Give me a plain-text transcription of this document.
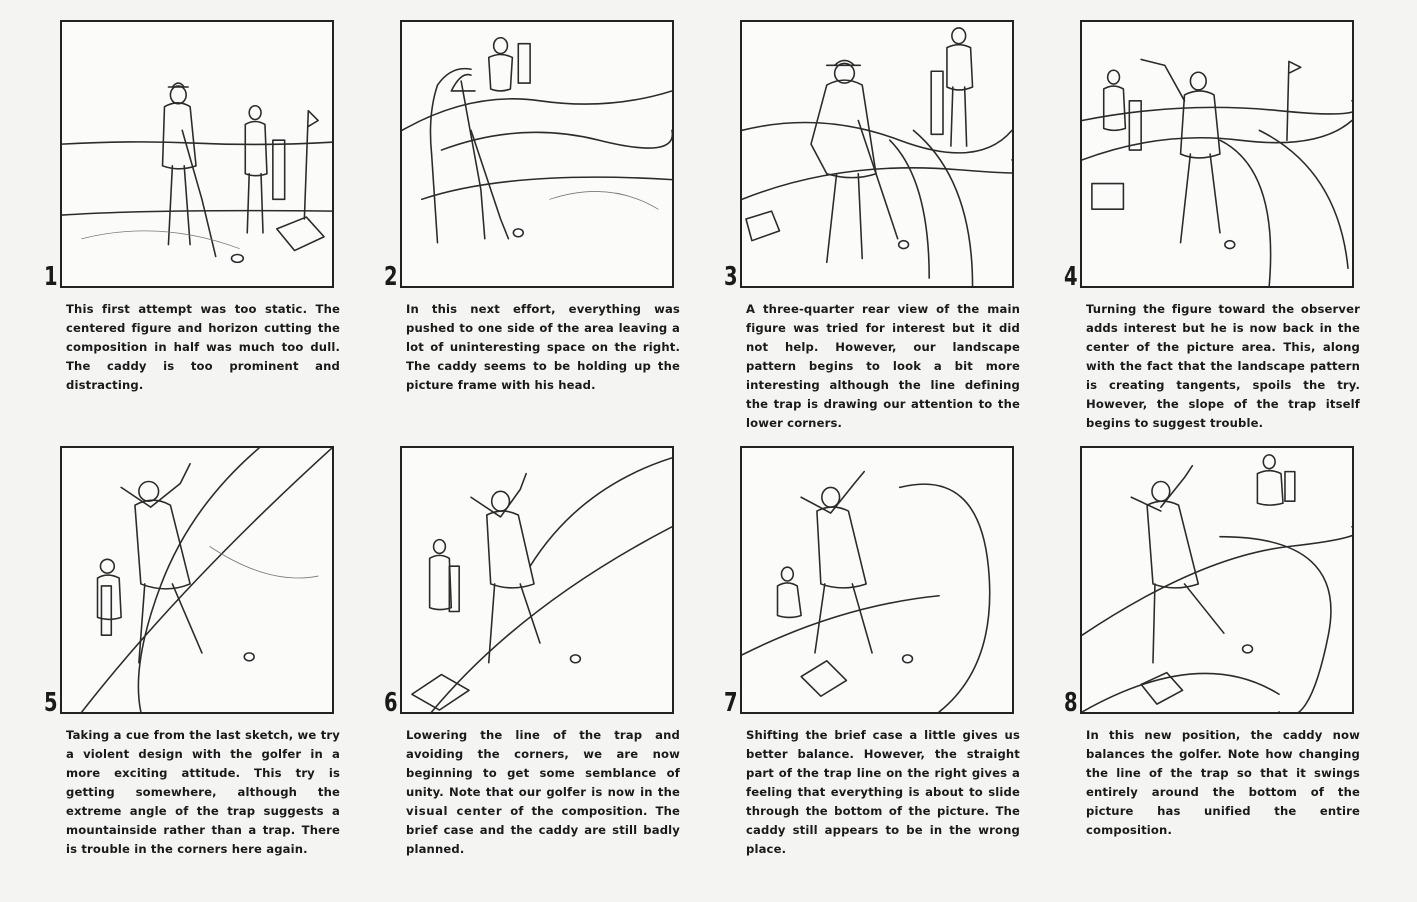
1
This first attempt was too static. The centered figure and horizon cutting the composition in half was much too dull. The caddy is too prominent and distracting.
2
In this next effort, everything was pushed to one side of the area leaving a lot of uninteresting space on the right. The caddy seems to be holding up the picture frame with his head.
3
A three-quarter rear view of the main figure was tried for interest but it did not help. However, our landscape pattern begins to look a bit more interesting although the line defining the trap is drawing our attention to the lower corners.
4
Turning the figure toward the observer adds interest but he is now back in the center of the picture area. This, along with the fact that the landscape pattern is creating tangents, spoils the try. However, the slope of the trap itself begins to suggest trouble.
5
Taking a cue from the last sketch, we try a violent design with the golfer in a more exciting attitude. This try is getting somewhere, although the extreme angle of the trap suggests a mountainside rather than a trap. There is trouble in the corners here again.
6
Lowering the line of the trap and avoiding the corners, we are now beginning to get some semblance of unity. Note that our golfer is now in the visual center of the composition. The brief case and the caddy are still badly planned.
7
Shifting the brief case a little gives us better balance. However, the straight part of the trap line on the right gives a feeling that everything is about to slide through the bottom of the picture. The caddy still appears to be in the wrong place.
8
In this new position, the caddy now balances the golfer. Note how changing the line of the trap so that it swings entirely around the bottom of the picture has unified the entire composition.
